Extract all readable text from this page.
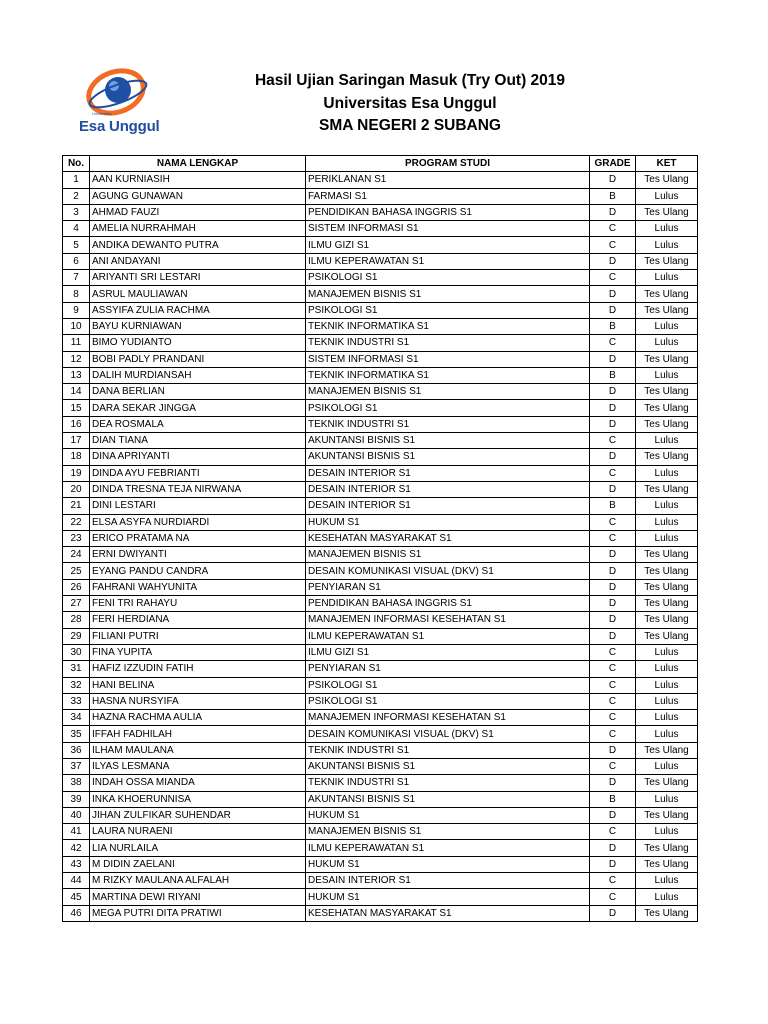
Universitas
Esa Unggul
Hasil Ujian Saringan Masuk (Try Out) 2019
Universitas Esa Unggul
SMA NEGERI 2 SUBANG
No.	NAMA LENGKAP	PROGRAM STUDI	GRADE	KET
1	AAN KURNIASIH	PERIKLANAN S1	D	Tes Ulang
2	AGUNG GUNAWAN	FARMASI S1	B	Lulus
3	AHMAD FAUZI	PENDIDIKAN BAHASA INGGRIS S1	D	Tes Ulang
4	AMELIA NURRAHMAH	SISTEM INFORMASI S1	C	Lulus
5	ANDIKA DEWANTO PUTRA	ILMU GIZI S1	C	Lulus
6	ANI ANDAYANI	ILMU KEPERAWATAN S1	D	Tes Ulang
7	ARIYANTI SRI LESTARI	PSIKOLOGI S1	C	Lulus
8	ASRUL MAULIAWAN	MANAJEMEN BISNIS S1	D	Tes Ulang
9	ASSYIFA ZULIA RACHMA	PSIKOLOGI S1	D	Tes Ulang
10	BAYU KURNIAWAN	TEKNIK INFORMATIKA S1	B	Lulus
11	BIMO YUDIANTO	TEKNIK INDUSTRI S1	C	Lulus
12	BOBI PADLY PRANDANI	SISTEM INFORMASI S1	D	Tes Ulang
13	DALIH MURDIANSAH	TEKNIK INFORMATIKA S1	B	Lulus
14	DANA BERLIAN	MANAJEMEN BISNIS S1	D	Tes Ulang
15	DARA SEKAR JINGGA	PSIKOLOGI S1	D	Tes Ulang
16	DEA ROSMALA	TEKNIK INDUSTRI S1	D	Tes Ulang
17	DIAN TIANA	AKUNTANSI BISNIS S1	C	Lulus
18	DINA APRIYANTI	AKUNTANSI BISNIS S1	D	Tes Ulang
19	DINDA AYU FEBRIANTI	DESAIN INTERIOR S1	C	Lulus
20	DINDA TRESNA TEJA NIRWANA	DESAIN INTERIOR S1	D	Tes Ulang
21	DINI LESTARI	DESAIN INTERIOR S1	B	Lulus
22	ELSA ASYFA NURDIARDI	HUKUM S1	C	Lulus
23	ERICO PRATAMA NA	KESEHATAN MASYARAKAT S1	C	Lulus
24	ERNI DWIYANTI	MANAJEMEN BISNIS S1	D	Tes Ulang
25	EYANG PANDU CANDRA	DESAIN KOMUNIKASI VISUAL (DKV) S1	D	Tes Ulang
26	FAHRANI WAHYUNITA	PENYIARAN S1	D	Tes Ulang
27	FENI TRI RAHAYU	PENDIDIKAN BAHASA INGGRIS S1	D	Tes Ulang
28	FERI HERDIANA	MANAJEMEN INFORMASI KESEHATAN S1	D	Tes Ulang
29	FILIANI PUTRI	ILMU KEPERAWATAN S1	D	Tes Ulang
30	FINA YUPITA	ILMU GIZI S1	C	Lulus
31	HAFIZ IZZUDIN FATIH	PENYIARAN S1	C	Lulus
32	HANI BELINA	PSIKOLOGI S1	C	Lulus
33	HASNA NURSYIFA	PSIKOLOGI S1	C	Lulus
34	HAZNA RACHMA AULIA	MANAJEMEN INFORMASI KESEHATAN S1	C	Lulus
35	IFFAH FADHILAH	DESAIN KOMUNIKASI VISUAL (DKV) S1	C	Lulus
36	ILHAM MAULANA	TEKNIK INDUSTRI S1	D	Tes Ulang
37	ILYAS LESMANA	AKUNTANSI BISNIS S1	C	Lulus
38	INDAH OSSA MIANDA	TEKNIK INDUSTRI S1	D	Tes Ulang
39	INKA KHOERUNNISA	AKUNTANSI BISNIS S1	B	Lulus
40	JIHAN ZULFIKAR SUHENDAR	HUKUM S1	D	Tes Ulang
41	LAURA NURAENI	MANAJEMEN BISNIS S1	C	Lulus
42	LIA NURLAILA	ILMU KEPERAWATAN S1	D	Tes Ulang
43	M DIDIN ZAELANI	HUKUM S1	D	Tes Ulang
44	M RIZKY MAULANA ALFALAH	DESAIN INTERIOR S1	C	Lulus
45	MARTINA DEWI RIYANI	HUKUM S1	C	Lulus
46	MEGA PUTRI DITA PRATIWI	KESEHATAN MASYARAKAT S1	D	Tes Ulang
